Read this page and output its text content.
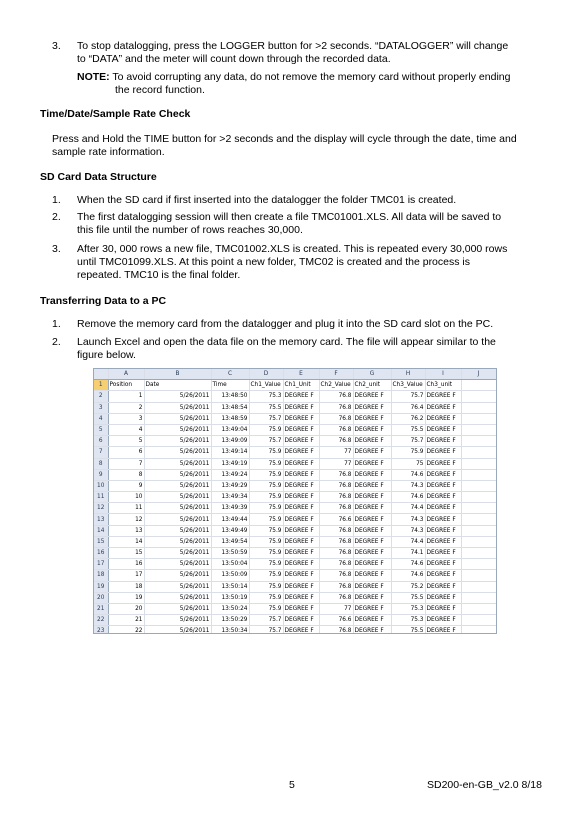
3. To stop datalogging, press the LOGGER button for >2 seconds. “DATALOGGER” will change
to “DATA” and the meter will count down through the recorded data.
NOTE: To avoid corrupting any data, do not remove the memory card without properly ending
the record function.
Time/Date/Sample Rate Check
Press and Hold the TIME button for >2 seconds and the display will cycle through the date, time and
sample rate information.
SD Card Data Structure
1. When the SD card if first inserted into the datalogger the folder TMC01 is created.
2. The first datalogging session will then create a file TMC01001.XLS. All data will be saved to
this file until the number of rows reaches 30,000.
3. After 30, 000 rows a new file, TMC01002.XLS is created. This is repeated every 30,000 rows
until TMC01099.XLS. At this point a new folder, TMC02 is created and the process is
repeated. TMC10 is the final folder.
Transferring Data to a PC
1. Remove the memory card from the datalogger and plug it into the SD card slot on the PC.
2. Launch Excel and open the data file on the memory card. The file will appear similar to the
figure below.
	A	B	C	D	E	F	G	H	I	J
1	Position	Date	Time	Ch1_Value	Ch1_Unit	Ch2_Value	Ch2_unit	Ch3_Value	Ch3_unit	
2	1	5/26/2011	13:48:50	75.3	DEGREE F	76.8	DEGREE F	75.7	DEGREE F	
3	2	5/26/2011	13:48:54	75.5	DEGREE F	76.8	DEGREE F	76.4	DEGREE F	
4	3	5/26/2011	13:48:59	75.7	DEGREE F	76.8	DEGREE F	76.2	DEGREE F	
5	4	5/26/2011	13:49:04	75.9	DEGREE F	76.8	DEGREE F	75.5	DEGREE F	
6	5	5/26/2011	13:49:09	75.7	DEGREE F	76.8	DEGREE F	75.7	DEGREE F	
7	6	5/26/2011	13:49:14	75.9	DEGREE F	77	DEGREE F	75.9	DEGREE F	
8	7	5/26/2011	13:49:19	75.9	DEGREE F	77	DEGREE F	75	DEGREE F	
9	8	5/26/2011	13:49:24	75.9	DEGREE F	76.8	DEGREE F	74.6	DEGREE F	
10	9	5/26/2011	13:49:29	75.9	DEGREE F	76.8	DEGREE F	74.3	DEGREE F	
11	10	5/26/2011	13:49:34	75.9	DEGREE F	76.8	DEGREE F	74.6	DEGREE F	
12	11	5/26/2011	13:49:39	75.9	DEGREE F	76.8	DEGREE F	74.4	DEGREE F	
13	12	5/26/2011	13:49:44	75.9	DEGREE F	76.6	DEGREE F	74.3	DEGREE F	
14	13	5/26/2011	13:49:49	75.9	DEGREE F	76.8	DEGREE F	74.3	DEGREE F	
15	14	5/26/2011	13:49:54	75.9	DEGREE F	76.8	DEGREE F	74.4	DEGREE F	
16	15	5/26/2011	13:50:59	75.9	DEGREE F	76.8	DEGREE F	74.1	DEGREE F	
17	16	5/26/2011	13:50:04	75.9	DEGREE F	76.8	DEGREE F	74.6	DEGREE F	
18	17	5/26/2011	13:50:09	75.9	DEGREE F	76.8	DEGREE F	74.6	DEGREE F	
19	18	5/26/2011	13:50:14	75.9	DEGREE F	76.8	DEGREE F	75.2	DEGREE F	
20	19	5/26/2011	13:50:19	75.9	DEGREE F	76.8	DEGREE F	75.5	DEGREE F	
21	20	5/26/2011	13:50:24	75.9	DEGREE F	77	DEGREE F	75.3	DEGREE F	
22	21	5/26/2011	13:50:29	75.7	DEGREE F	76.6	DEGREE F	75.3	DEGREE F	
23	22	5/26/2011	13:50:34	75.7	DEGREE F	76.8	DEGREE F	75.5	DEGREE F	
5	SD200-en-GB_v2.0 8/18
